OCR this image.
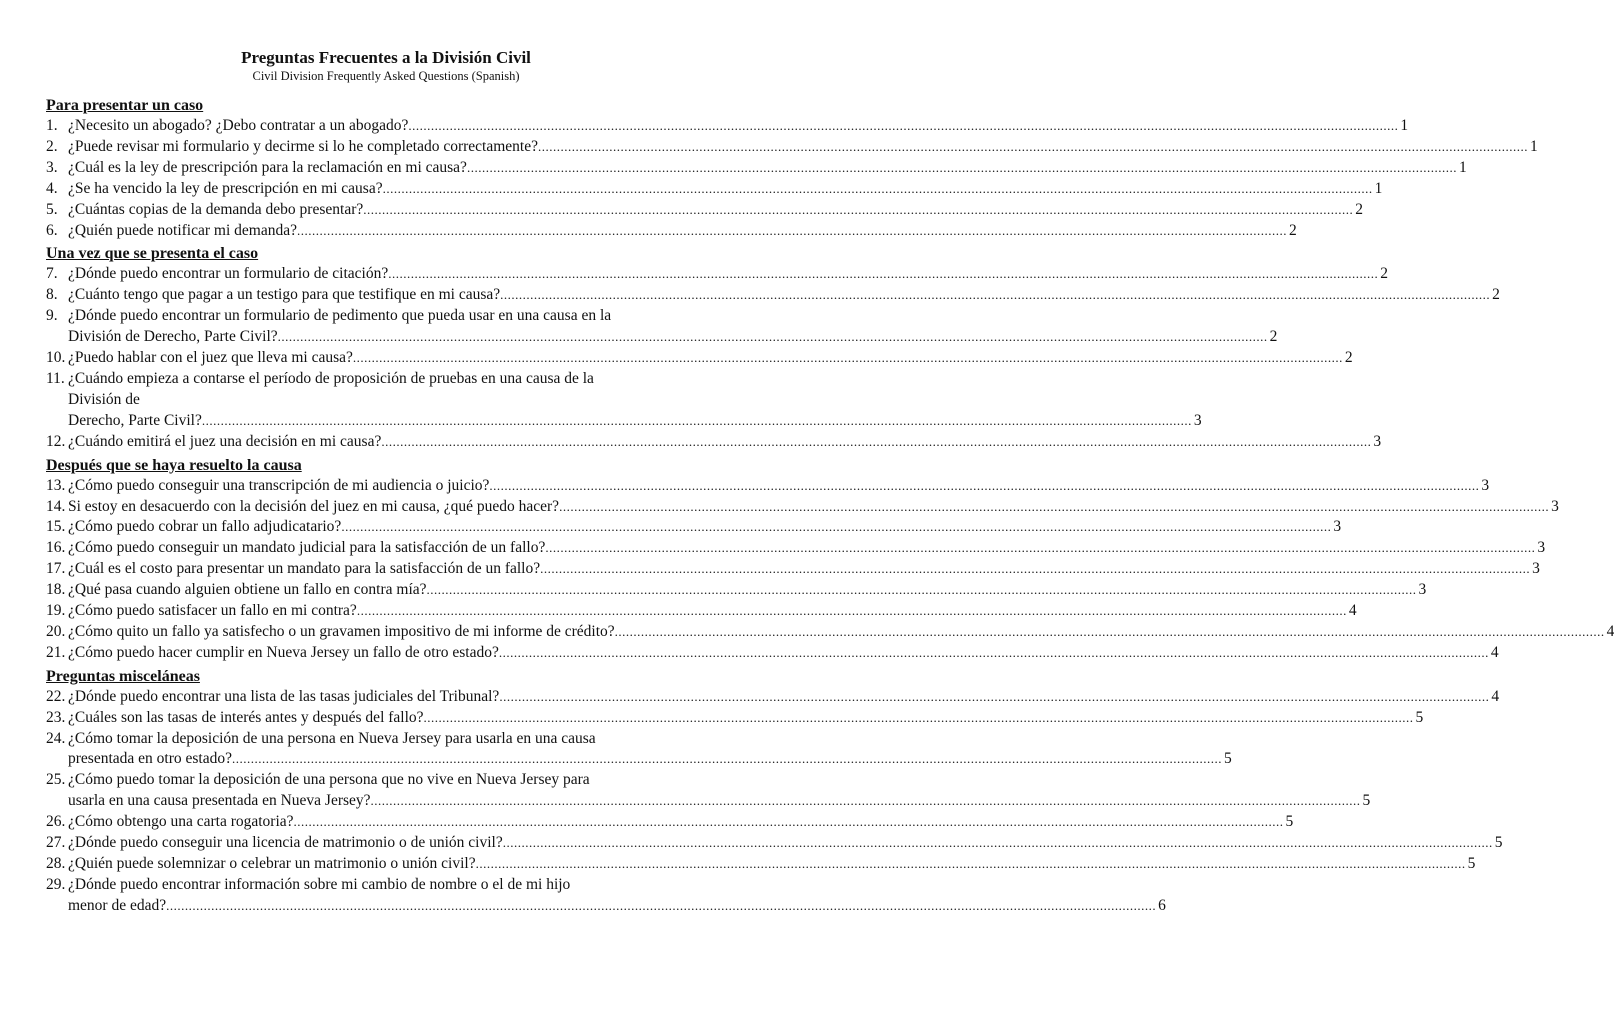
Preguntas Frecuentes a la División Civil

Civil Division Frequently Asked Questions (Spanish)

Para presentar un caso
1. ¿Necesito un abogado? ¿Debo contratar a un abogado? .....	1
2. ¿Puede revisar mi formulario y decirme si lo he completado correctamente? .....	1
3. ¿Cuál es la ley de prescripción para la reclamación en mi causa? .....	1
4. ¿Se ha vencido la ley de prescripción en mi causa? .....	1
5. ¿Cuántas copias de la demanda debo presentar? .....	2
6. ¿Quién puede notificar mi demanda? .....	2
Una vez que se presenta el caso
7. ¿Dónde puedo encontrar un formulario de citación? .....	2
8. ¿Cuánto tengo que pagar a un testigo para que testifique en mi causa? .....	2
9. ¿Dónde puedo encontrar un formulario de pedimento que pueda usar en una causa en la
División de Derecho, Parte Civil? .....	2
10. ¿Puedo hablar con el juez que lleva mi causa? .....	2
11. ¿Cuándo empieza a contarse el período de proposición de pruebas en una causa de la
División de
Derecho, Parte Civil? .....	3
12. ¿Cuándo emitirá el juez una decisión en mi causa? .....	3
Después que se haya resuelto la causa
13. ¿Cómo puedo conseguir una transcripción de mi audiencia o juicio? .....	3
14. Si estoy en desacuerdo con la decisión del juez en mi causa, ¿qué puedo hacer? .....	3
15. ¿Cómo puedo cobrar un fallo adjudicatario? .....	3
16. ¿Cómo puedo conseguir un mandato judicial para la satisfacción de un fallo? .....	3
17. ¿Cuál es el costo para presentar un mandato para la satisfacción de un fallo? .....	3
18. ¿Qué pasa cuando alguien obtiene un fallo en contra mía? .....	3
19. ¿Cómo puedo satisfacer un fallo en mi contra? .....	4
20. ¿Cómo quito un fallo ya satisfecho o un gravamen impositivo de mi informe de crédito? .....	4
21. ¿Cómo puedo hacer cumplir en Nueva Jersey un fallo de otro estado? .....	4
Preguntas misceláneas
22. ¿Dónde puedo encontrar una lista de las tasas judiciales del Tribunal? .....	4
23. ¿Cuáles son las tasas de interés antes y después del fallo? .....	5
24. ¿Cómo tomar la deposición de una persona en Nueva Jersey para usarla en una causa
presentada en otro estado? .....	5
25. ¿Cómo puedo tomar la deposición de una persona que no vive en Nueva Jersey para
usarla en una causa presentada en Nueva Jersey? .....	5
26. ¿Cómo obtengo una carta rogatoria? .....	5
27. ¿Dónde puedo conseguir una licencia de matrimonio o de unión civil? .....	5
28. ¿Quién puede solemnizar o celebrar un matrimonio o unión civil? .....	5
29. ¿Dónde puedo encontrar información sobre mi cambio de nombre o el de mi hijo
menor de edad? .....	6
